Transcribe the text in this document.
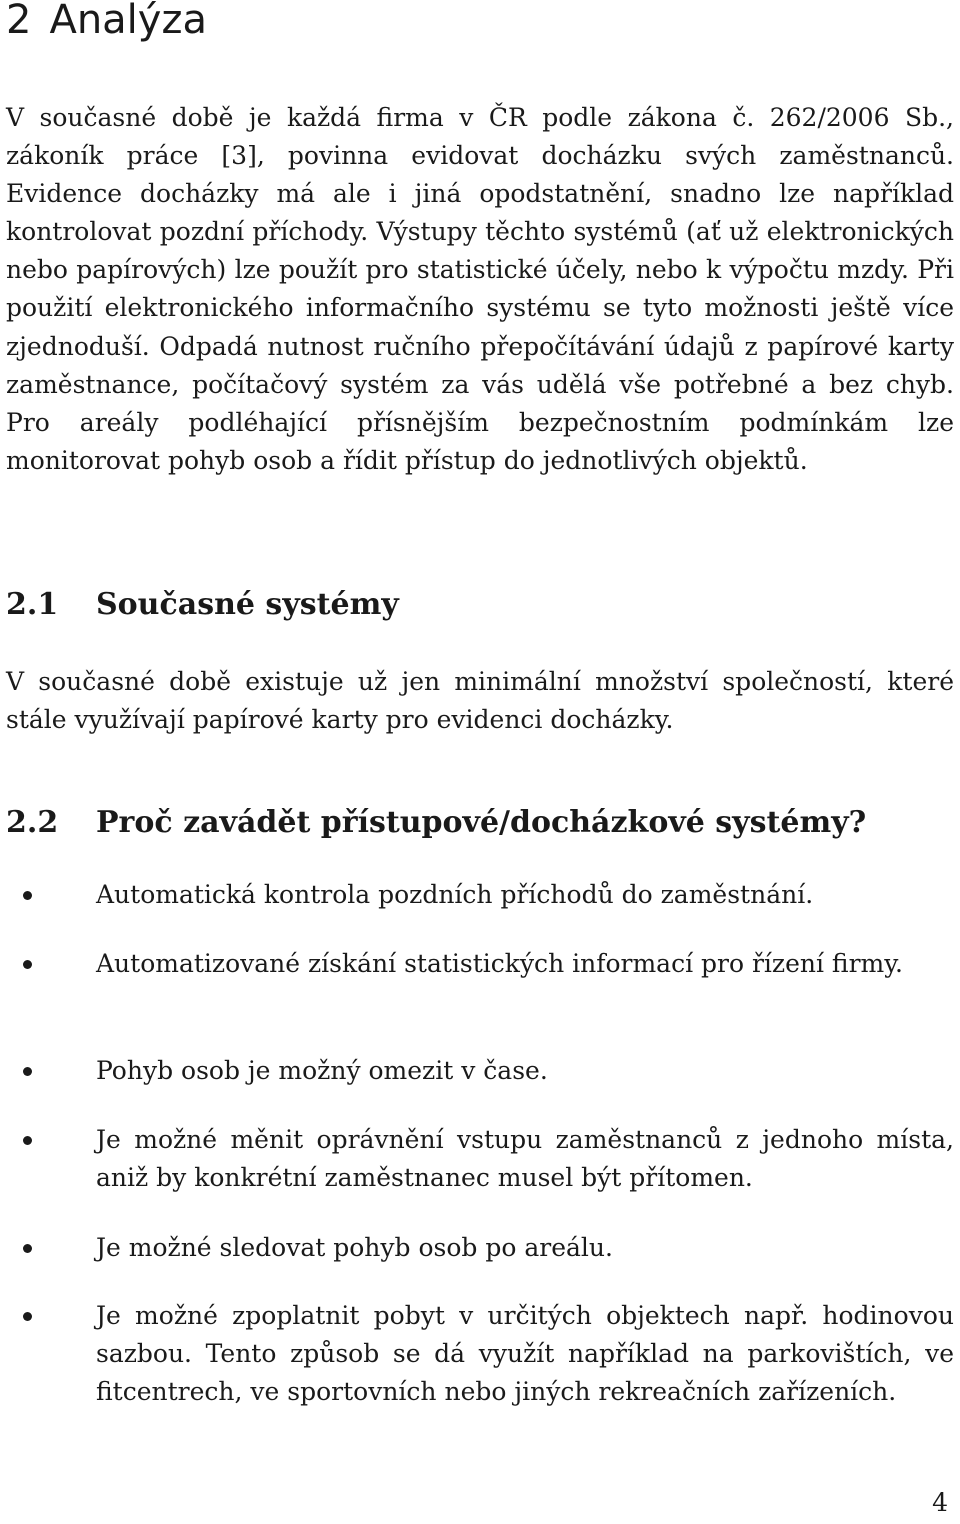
2 Analýza

V současné době je každá firma v ČR podle zákona č. 262/2006 Sb., zákoník práce [3], povinna evidovat docházku svých zaměstnanců. Evidence docházky má ale i jiná opodstatnění, snadno lze například kontrolovat pozdní příchody. Výstupy těchto systémů (ať už elektronických nebo papírových) lze použít pro statistické účely, nebo k výpočtu mzdy. Při použití elektronického informačního systému se tyto možnosti ještě více zjednoduší. Odpadá nutnost ručního přepočítávání údajů z papírové karty zaměstnance, počítačový systém za vás udělá vše potřebné a bez chyb. Pro areály podléhající přísnějším bezpečnostním podmínkám lze monitorovat pohyb osob a řídit přístup do jednotlivých objektů.

2.1 Současné systémy

V současné době existuje už jen minimální množství společností, které stále využívají papírové karty pro evidenci docházky.

2.2 Proč zavádět přístupové/docházkové systémy?
Automatická kontrola pozdních příchodů do zaměstnání.
Automatizované získání statistických informací pro řízení firmy.
Pohyb osob je možný omezit v čase.
Je možné měnit oprávnění vstupu zaměstnanců z jednoho místa, aniž by konkrétní zaměstnanec musel být přítomen.
Je možné sledovat pohyb osob po areálu.
Je možné zpoplatnit pobyt v určitých objektech např. hodinovou sazbou. Tento způsob se dá využít například na parkovištích, ve fitcentrech, ve sportovních nebo jiných rekreačních zařízeních.
4
